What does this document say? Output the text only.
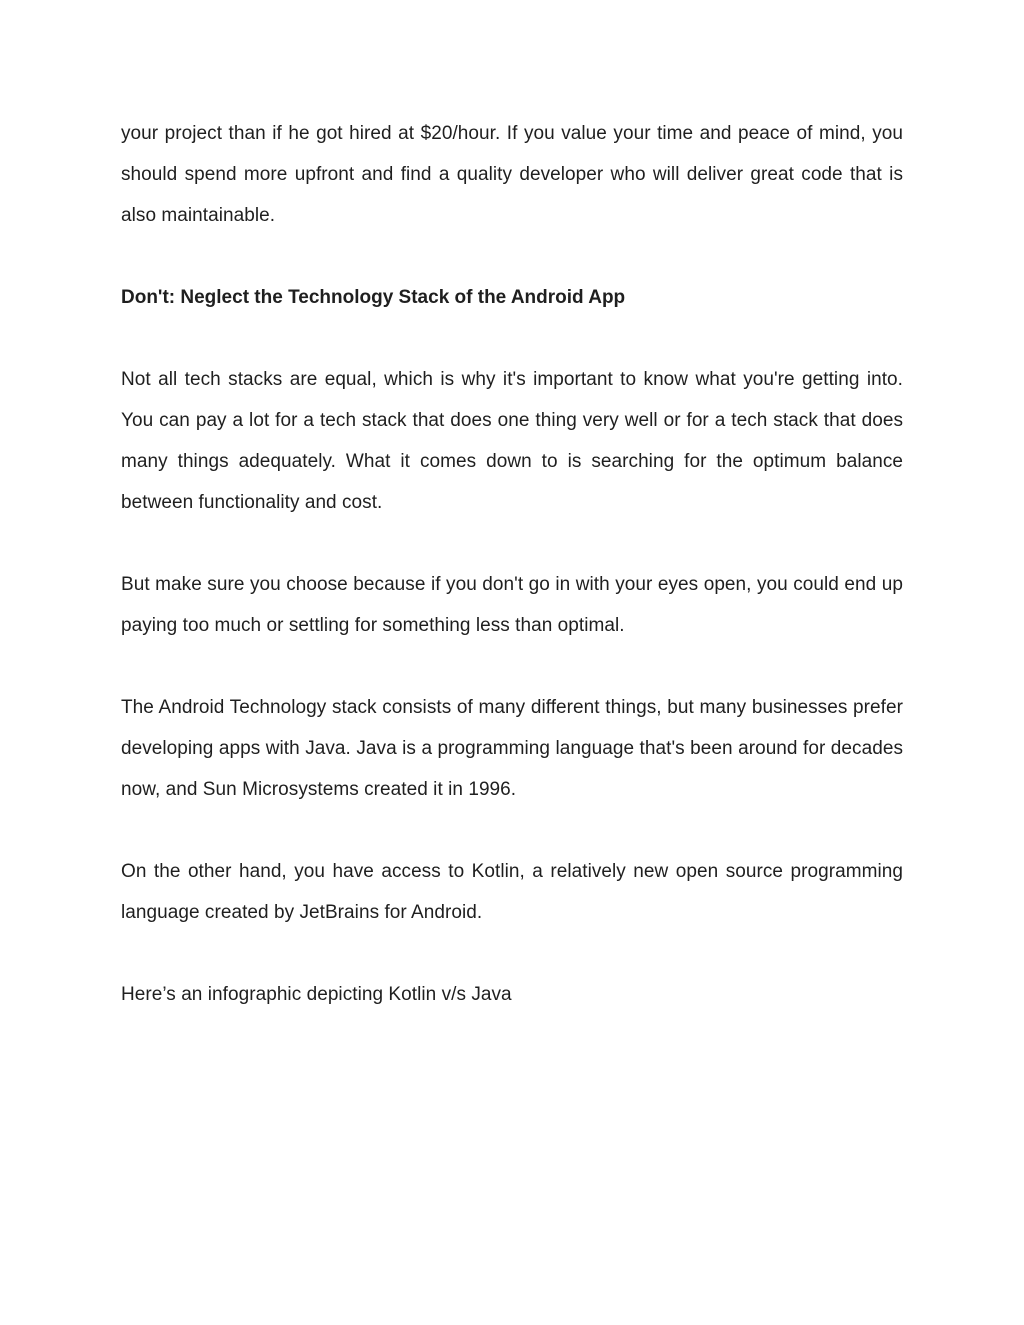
your project than if he got hired at $20/hour. If you value your time and peace of mind, you should spend more upfront and find a quality developer who will deliver great code that is also maintainable.

Don't: Neglect the Technology Stack of the Android App

Not all tech stacks are equal, which is why it's important to know what you're getting into. You can pay a lot for a tech stack that does one thing very well or for a tech stack that does many things adequately. What it comes down to is searching for the optimum balance between functionality and cost.

But make sure you choose because if you don't go in with your eyes open, you could end up paying too much or settling for something less than optimal.

The Android Technology stack consists of many different things, but many businesses prefer developing apps with Java. Java is a programming language that's been around for decades now, and Sun Microsystems created it in 1996.

On the other hand, you have access to Kotlin, a relatively new open source programming language created by JetBrains for Android.

Here’s an infographic depicting Kotlin v/s Java
